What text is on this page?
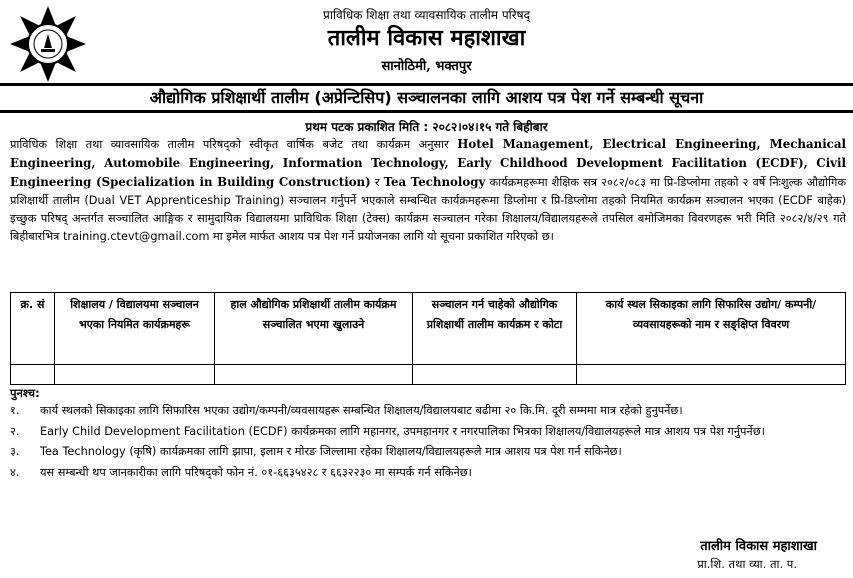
प्राविधिक शिक्षा तथा व्यावसायिक तालीम परिषद्
तालीम विकास महाशाखा
सानोठिमी, भक्तपुर
औद्योगिक प्रशिक्षार्थी तालीम (अप्रेन्टिसिप) सञ्चालनका लागि आशय पत्र पेश गर्ने सम्बन्धी सूचना
प्रथम पटक प्रकाशित मिति : २०८२।०४।१५ गते बिहीबार
प्राविधिक शिक्षा तथा व्यावसायिक तालीम परिषद्को स्वीकृत वार्षिक बजेट तथा कार्यक्रम अनुसार Hotel Management, Electrical Engineering, Mechanical Engineering, Automobile Engineering, Information Technology, Early Childhood Development Facilitation (ECDF), Civil Engineering (Specialization in Building Construction) र Tea Technology कार्यक्रमहरूमा शैक्षिक सत्र २०८२/०८३ मा प्रि-डिप्लोमा तहको २ वर्षे निःशुल्क औद्योगिक प्रशिक्षार्थी तालीम (Dual VET Apprenticeship Training) सञ्चालन गर्नुपर्ने भएकाले सम्बन्धित कार्यक्रमहरूमा डिप्लोमा र प्रि-डिप्लोमा तहको नियमित कार्यक्रम सञ्चालन भएका (ECDF बाहेक) इच्छुक परिषद् अन्तर्गत सञ्चालित आङ्गिक र सामुदायिक विद्यालयमा प्राविधिक शिक्षा (टेक्स) कार्यक्रम सञ्चालन गरेका शिक्षालय/विद्यालयहरूले तपसिल बमोजिमका विवरणहरू भरी मिति २०८२/४/२९ गते बिहीबारभित्र training.ctevt@gmail.com मा इमेल मार्फत आशय पत्र पेश गर्ने प्रयोजनका लागि यो सूचना प्रकाशित गरिएको छ।
क्र. सं	शिक्षालय / विद्यालयमा सञ्चालन भएका नियमित कार्यक्रमहरू	हाल औद्योगिक प्रशिक्षार्थी तालीम कार्यक्रम सञ्चालित भएमा खुलाउने	सञ्चालन गर्न चाहेको औद्योगिक प्रशिक्षार्थी तालीम कार्यक्रम र कोटा	कार्य स्थल सिकाइका लागि सिफारिस उद्योग/ कम्पनी/व्यवसायहरूको नाम र सङ्क्षिप्त विवरण

पुनश्च:
१.	कार्य स्थलको सिकाइका लागि सिफारिस भएका उद्योग/कम्पनी/व्यवसायहरू सम्बन्धित शिक्षालय/विद्यालयबाट बढीमा २० कि.मि. दूरी सम्ममा मात्र रहेको हुनुपर्नेछ।
२.	Early Child Development Facilitation (ECDF) कार्यक्रमका लागि महानगर, उपमहानगर र नगरपालिका भित्रका शिक्षालय/विद्यालयहरूले मात्र आशय पत्र पेश गर्नुपर्नेछ।
३.	Tea Technology (कृषि) कार्यक्रमका लागि झापा, इलाम र मोरङ जिल्लामा रहेका शिक्षालय/विद्यालयहरूले मात्र आशय पत्र पेश गर्न सकिनेछ।
४.	यस सम्बन्धी थप जानकारीका लागि परिषद्को फोन नं. ०१-६६३५४२८ र ६६३२२३० मा सम्पर्क गर्न सकिनेछ।
तालीम विकास महाशाखा
प्रा.शि. तथा व्या. ता. प.
